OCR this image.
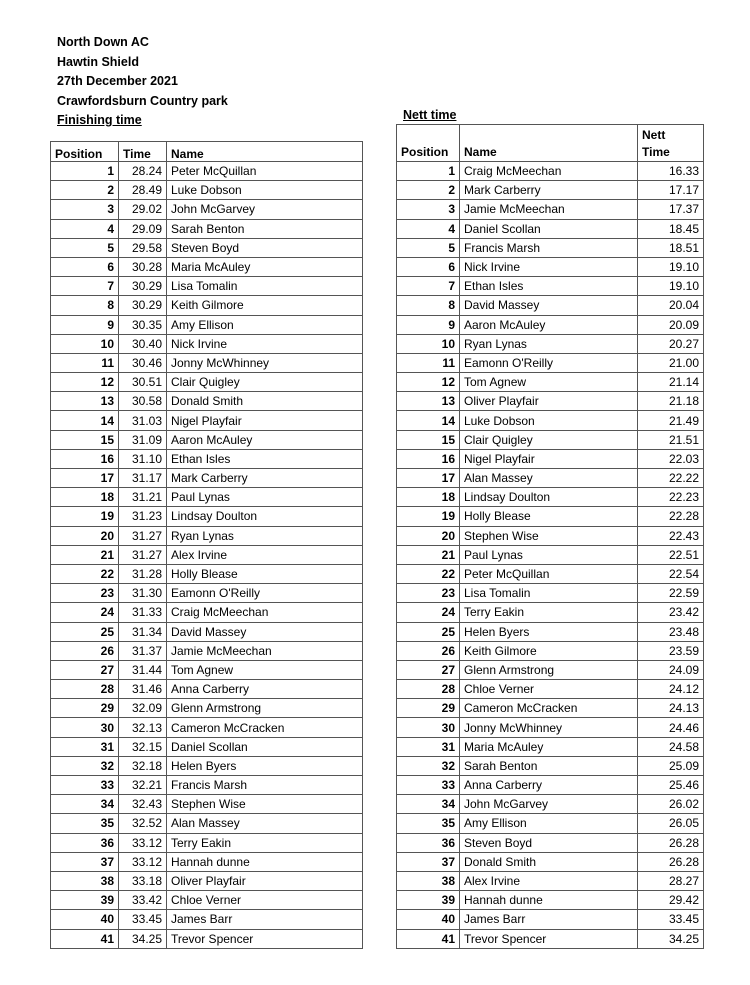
North Down AC
Hawtin Shield
27th December 2021
Crawfordsburn Country park
Finishing time	Nett time
Position	Time	Name
1	28.24	Peter McQuillan
2	28.49	Luke Dobson
3	29.02	John McGarvey
4	29.09	Sarah Benton
5	29.58	Steven Boyd
6	30.28	Maria McAuley
7	30.29	Lisa Tomalin
8	30.29	Keith Gilmore
9	30.35	Amy Ellison
10	30.40	Nick Irvine
11	30.46	Jonny McWhinney
12	30.51	Clair Quigley
13	30.58	Donald Smith
14	31.03	Nigel Playfair
15	31.09	Aaron McAuley
16	31.10	Ethan Isles
17	31.17	Mark Carberry
18	31.21	Paul Lynas
19	31.23	Lindsay Doulton
20	31.27	Ryan Lynas
21	31.27	Alex Irvine
22	31.28	Holly Blease
23	31.30	Eamonn O'Reilly
24	31.33	Craig McMeechan
25	31.34	David Massey
26	31.37	Jamie McMeechan
27	31.44	Tom Agnew
28	31.46	Anna Carberry
29	32.09	Glenn Armstrong
30	32.13	Cameron McCracken
31	32.15	Daniel Scollan
32	32.18	Helen Byers
33	32.21	Francis Marsh
34	32.43	Stephen Wise
35	32.52	Alan Massey
36	33.12	Terry Eakin
37	33.12	Hannah dunne
38	33.18	Oliver Playfair
39	33.42	Chloe Verner
40	33.45	James Barr
41	34.25	Trevor Spencer
Position	Name	Nett
Time
1	Craig McMeechan	16.33
2	Mark Carberry	17.17
3	Jamie McMeechan	17.37
4	Daniel Scollan	18.45
5	Francis Marsh	18.51
6	Nick Irvine	19.10
7	Ethan Isles	19.10
8	David Massey	20.04
9	Aaron McAuley	20.09
10	Ryan Lynas	20.27
11	Eamonn O'Reilly	21.00
12	Tom Agnew	21.14
13	Oliver Playfair	21.18
14	Luke Dobson	21.49
15	Clair Quigley	21.51
16	Nigel Playfair	22.03
17	Alan Massey	22.22
18	Lindsay Doulton	22.23
19	Holly Blease	22.28
20	Stephen Wise	22.43
21	Paul Lynas	22.51
22	Peter McQuillan	22.54
23	Lisa Tomalin	22.59
24	Terry Eakin	23.42
25	Helen Byers	23.48
26	Keith Gilmore	23.59
27	Glenn Armstrong	24.09
28	Chloe Verner	24.12
29	Cameron McCracken	24.13
30	Jonny McWhinney	24.46
31	Maria McAuley	24.58
32	Sarah Benton	25.09
33	Anna Carberry	25.46
34	John McGarvey	26.02
35	Amy Ellison	26.05
36	Steven Boyd	26.28
37	Donald Smith	26.28
38	Alex Irvine	28.27
39	Hannah dunne	29.42
40	James Barr	33.45
41	Trevor Spencer	34.25
